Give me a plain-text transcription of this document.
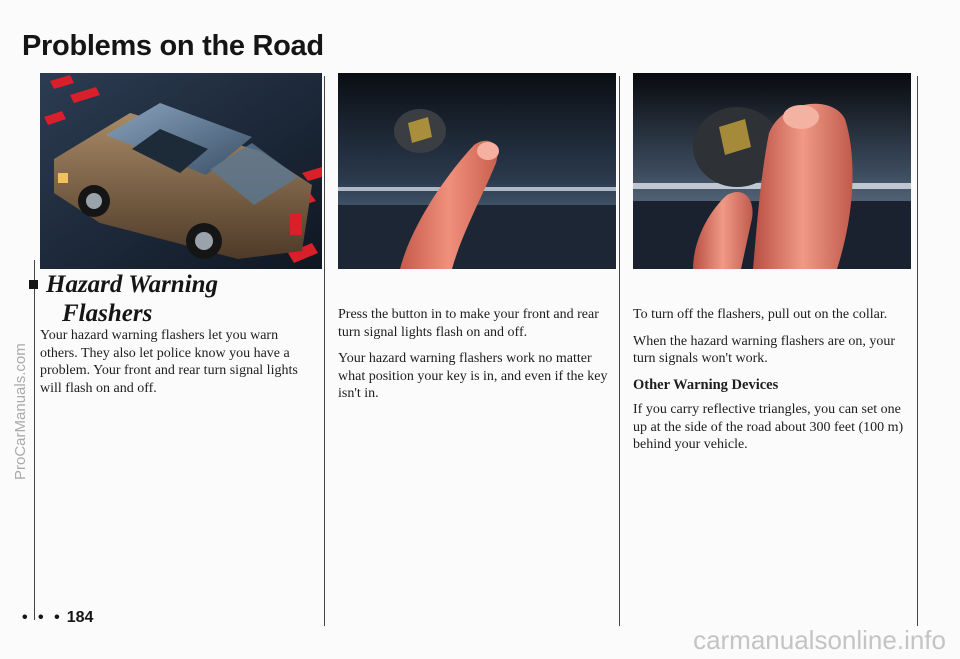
Problems on the Road
Hazard Warning
Flashers

Your hazard warning flashers let you warn others. They also let police know you have a problem. Your front and rear turn signal lights will flash on and off.

Press the button in to make your front and rear turn signal lights flash on and off.

Your hazard warning flashers work no matter what position your key is in, and even if the key isn't in.

To turn off the flashers, pull out on the collar.

When the hazard warning flashers are on, your turn signals won't work.

Other Warning Devices

If you carry reflective triangles, you can set one up at the side of the road about 300 feet (100 m) behind your vehicle.

• • • 184
ProCarManuals.com
carmanualsonline.info
